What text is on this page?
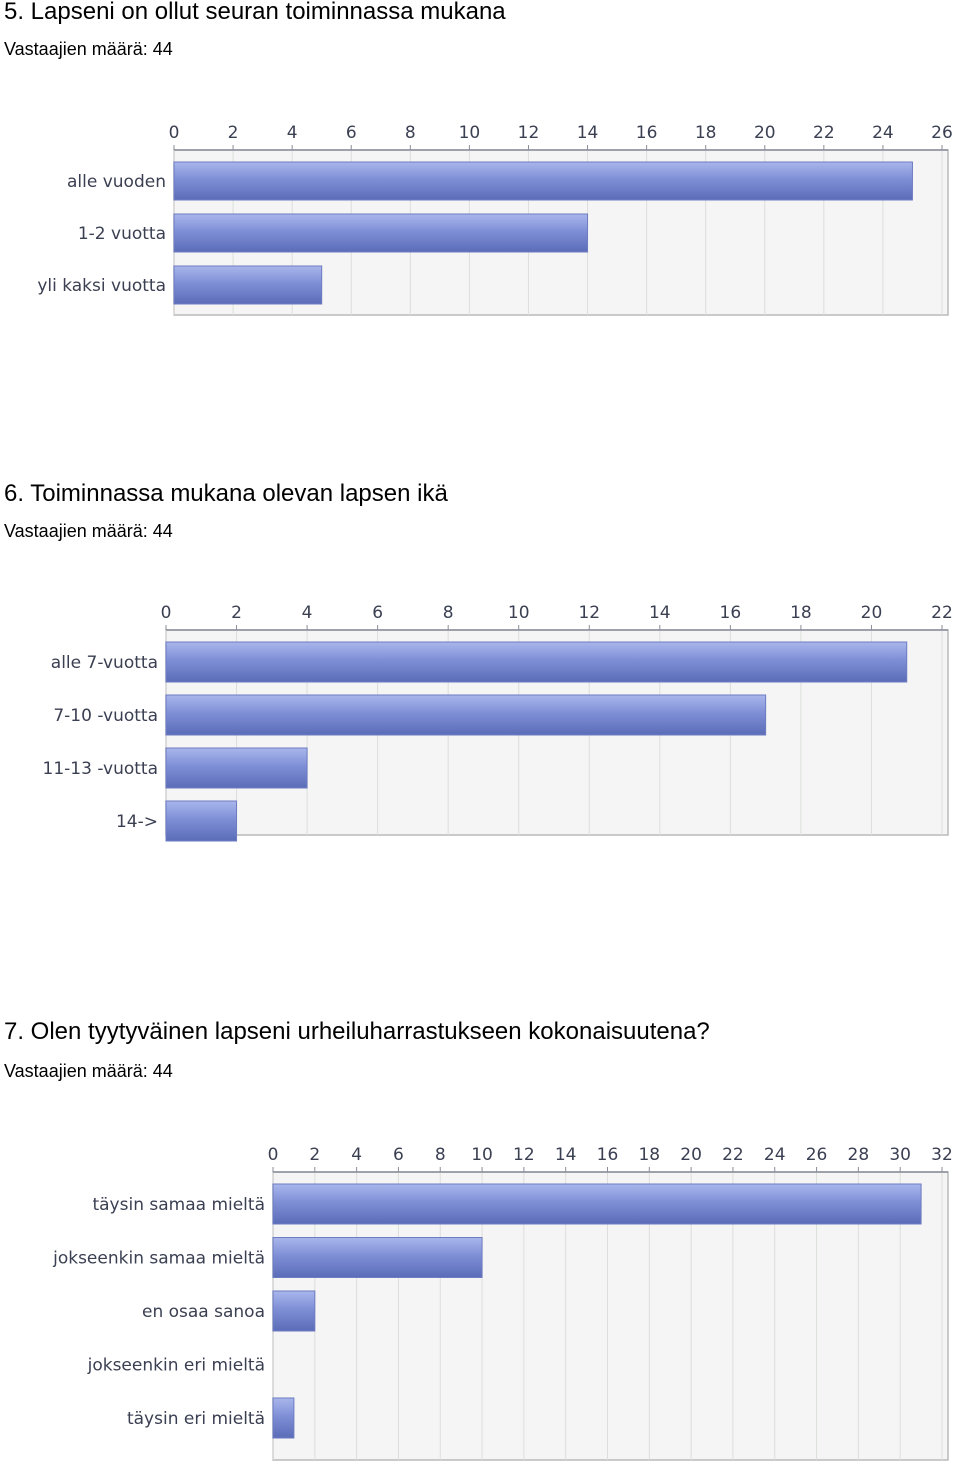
5. Lapseni on ollut seuran toiminnassa mukana
Vastaajien määrä: 44
0	2	4	6	8	10 12 14 16 18 20 22 24 26
alle vuoden
1-2 vuotta
yli kaksi vuotta
6. Toiminnassa mukana olevan lapsen ikä
Vastaajien määrä: 44
0	2	4	6	8	10	12	14	16	18	20	22
alle 7-vuotta
7-10 -vuotta
11-13 -vuotta
14->
7. Olen tyytyväinen lapseni urheiluharrastukseen kokonaisuutena?
Vastaajien määrä: 44
0 2 4 6 8 10 12 14 16 18 20 22 24 26 28 30 32
täysin samaa mieltä
jokseenkin samaa mieltä
en osaa sanoa
jokseenkin eri mieltä
täysin eri mieltä
